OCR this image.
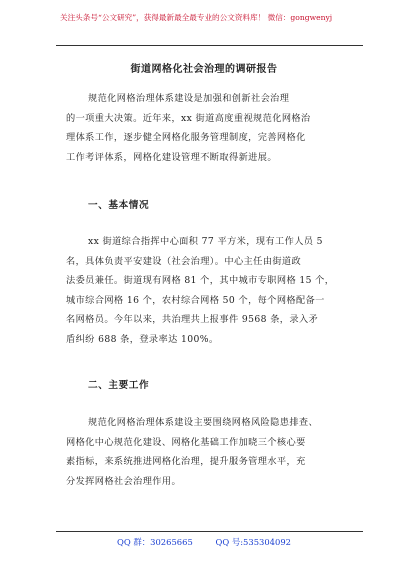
关注头条号“公文研究”，获得最新最全最专业的公文资料库！ 微信：gongwenyj
街道网格化社会治理的调研报告
规范化网格治理体系建设是加强和创新社会治理
的一项重大决策。近年来，xx 街道高度重视规范化网格治
理体系工作，逐步健全网格化服务管理制度，完善网格化
工作考评体系，网格化建设管理不断取得新进展。
一、基本情况
xx 街道综合指挥中心面积 77 平方米，现有工作人员 5
名，具体负责平安建设（社会治理）。中心主任由街道政
法委员兼任。街道现有网格 81 个，其中城市专职网格 15 个，
城市综合网格 16 个，农村综合网格 50 个，每个网格配备一
名网格员。今年以来，共治理共上报事件 9568 条，录入矛
盾纠纷 688 条，登录率达 100%。
二、主要工作
规范化网格治理体系建设主要围绕网格风险隐患排查、
网格化中心规范化建设、网格化基础工作加晓三个核心要
素指标，来系统推进网格化治理，提升服务管理水平，充
分发挥网格社会治理作用。
QQ 群：30265665	QQ 号:535304092
